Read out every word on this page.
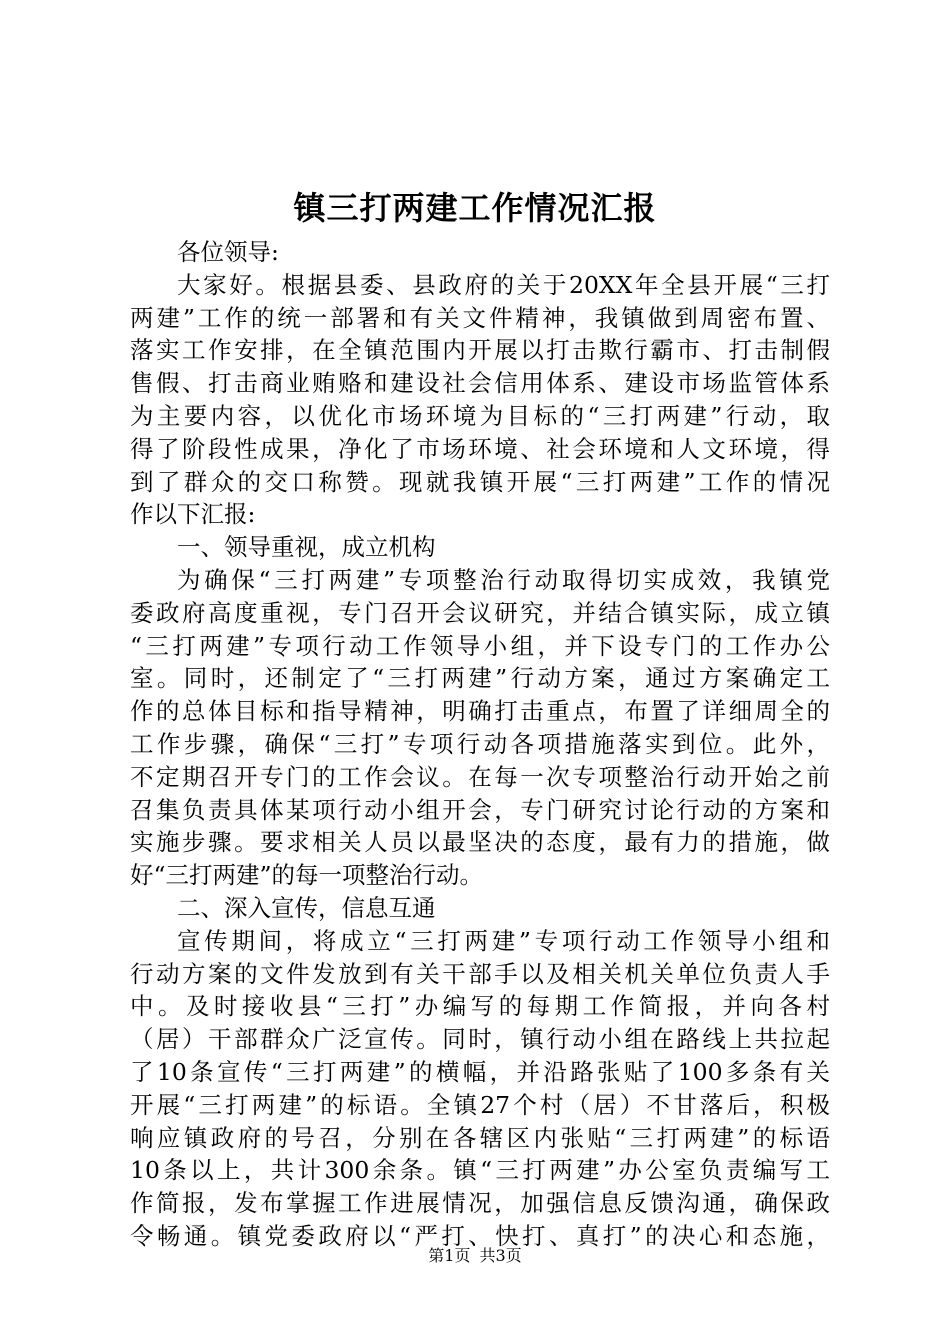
镇三打两建工作情况汇报
各位领导:
大家好。根据县委、县政府的关于20XX年全县开展“三打
两建”工作的统一部署和有关文件精神，我镇做到周密布置、
落实工作安排，在全镇范围内开展以打击欺行霸市、打击制假
售假、打击商业贿赂和建设社会信用体系、建设市场监管体系
为主要内容，以优化市场环境为目标的“三打两建”行动，取
得了阶段性成果，净化了市场环境、社会环境和人文环境，得
到了群众的交口称赞。现就我镇开展“三打两建”工作的情况
作以下汇报:
一、领导重视，成立机构
为确保“三打两建”专项整治行动取得切实成效，我镇党
委政府高度重视，专门召开会议研究，并结合镇实际，成立镇
“三打两建”专项行动工作领导小组，并下设专门的工作办公
室。同时，还制定了“三打两建”行动方案，通过方案确定工
作的总体目标和指导精神，明确打击重点，布置了详细周全的
工作步骤，确保“三打”专项行动各项措施落实到位。此外，
不定期召开专门的工作会议。在每一次专项整治行动开始之前
召集负责具体某项行动小组开会，专门研究讨论行动的方案和
实施步骤。要求相关人员以最坚决的态度，最有力的措施，做
好“三打两建”的每一项整治行动。
二、深入宣传，信息互通
宣传期间，将成立“三打两建”专项行动工作领导小组和
行动方案的文件发放到有关干部手以及相关机关单位负责人手
中。及时接收县“三打”办编写的每期工作简报，并向各村
（居）干部群众广泛宣传。同时，镇行动小组在路线上共拉起
了10条宣传“三打两建”的横幅，并沿路张贴了100多条有关
开展“三打两建”的标语。全镇27个村（居）不甘落后，积极
响应镇政府的号召，分别在各辖区内张贴“三打两建”的标语
10条以上，共计300余条。镇“三打两建”办公室负责编写工
作简报，发布掌握工作进展情况，加强信息反馈沟通，确保政
令畅通。镇党委政府以“严打、快打、真打”的决心和态施，
第1页 共3页
